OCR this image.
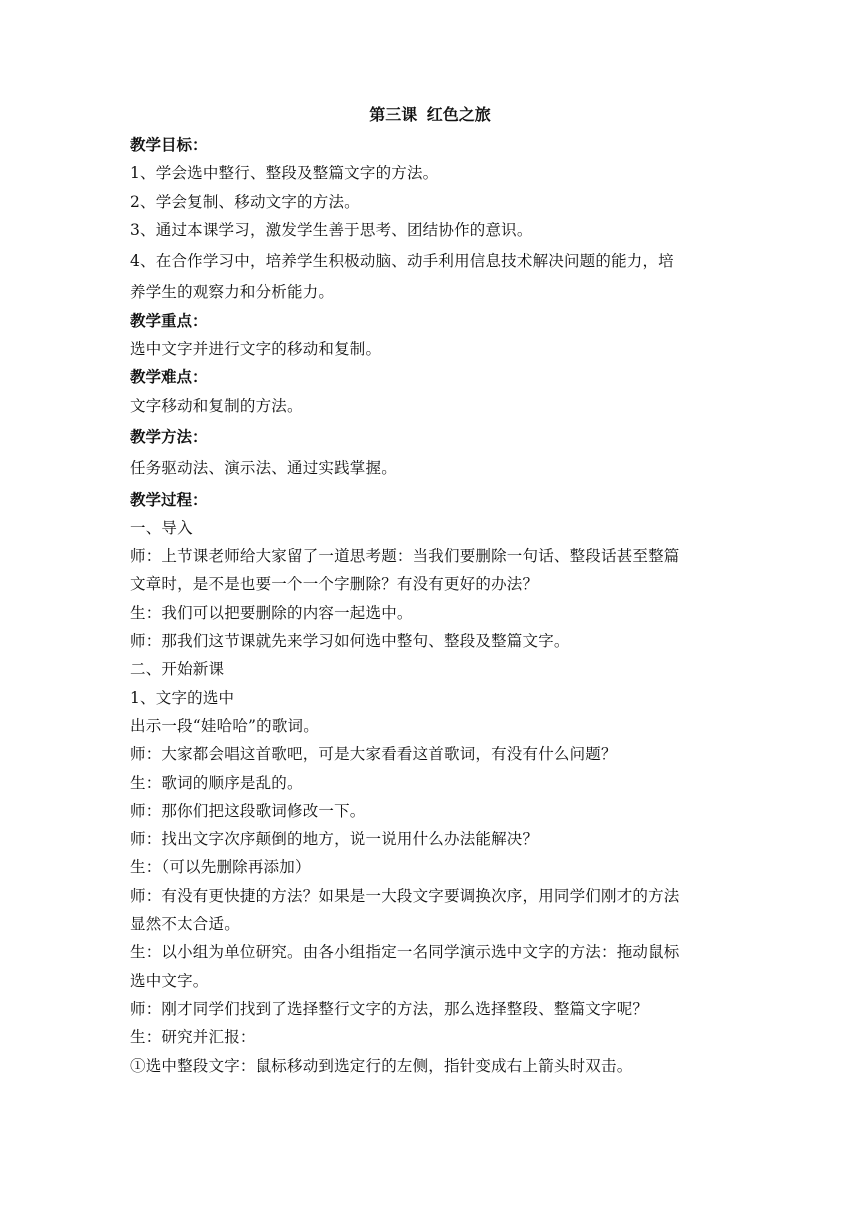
第三课 红色之旅
教学目标：
1、学会选中整行、整段及整篇文字的方法。
2、学会复制、移动文字的方法。
3、通过本课学习，激发学生善于思考、团结协作的意识。
4、在合作学习中，培养学生积极动脑、动手利用信息技术解决问题的能力，培
养学生的观察力和分析能力。
教学重点：
选中文字并进行文字的移动和复制。
教学难点：
文字移动和复制的方法。
教学方法：
任务驱动法、演示法、通过实践掌握。
教学过程：
一、导入
师：上节课老师给大家留了一道思考题：当我们要删除一句话、整段话甚至整篇
文章时，是不是也要一个一个字删除？有没有更好的办法？
生：我们可以把要删除的内容一起选中。
师：那我们这节课就先来学习如何选中整句、整段及整篇文字。
二、开始新课
1、文字的选中
出示一段“娃哈哈”的歌词。
师：大家都会唱这首歌吧，可是大家看看这首歌词，有没有什么问题？
生：歌词的顺序是乱的。
师：那你们把这段歌词修改一下。
师：找出文字次序颠倒的地方，说一说用什么办法能解决？
生：（可以先删除再添加）
师：有没有更快捷的方法？如果是一大段文字要调换次序，用同学们刚才的方法
显然不太合适。
生：以小组为单位研究。由各小组指定一名同学演示选中文字的方法：拖动鼠标
选中文字。
师：刚才同学们找到了选择整行文字的方法，那么选择整段、整篇文字呢？
生：研究并汇报：
①选中整段文字：鼠标移动到选定行的左侧，指针变成右上箭头时双击。
